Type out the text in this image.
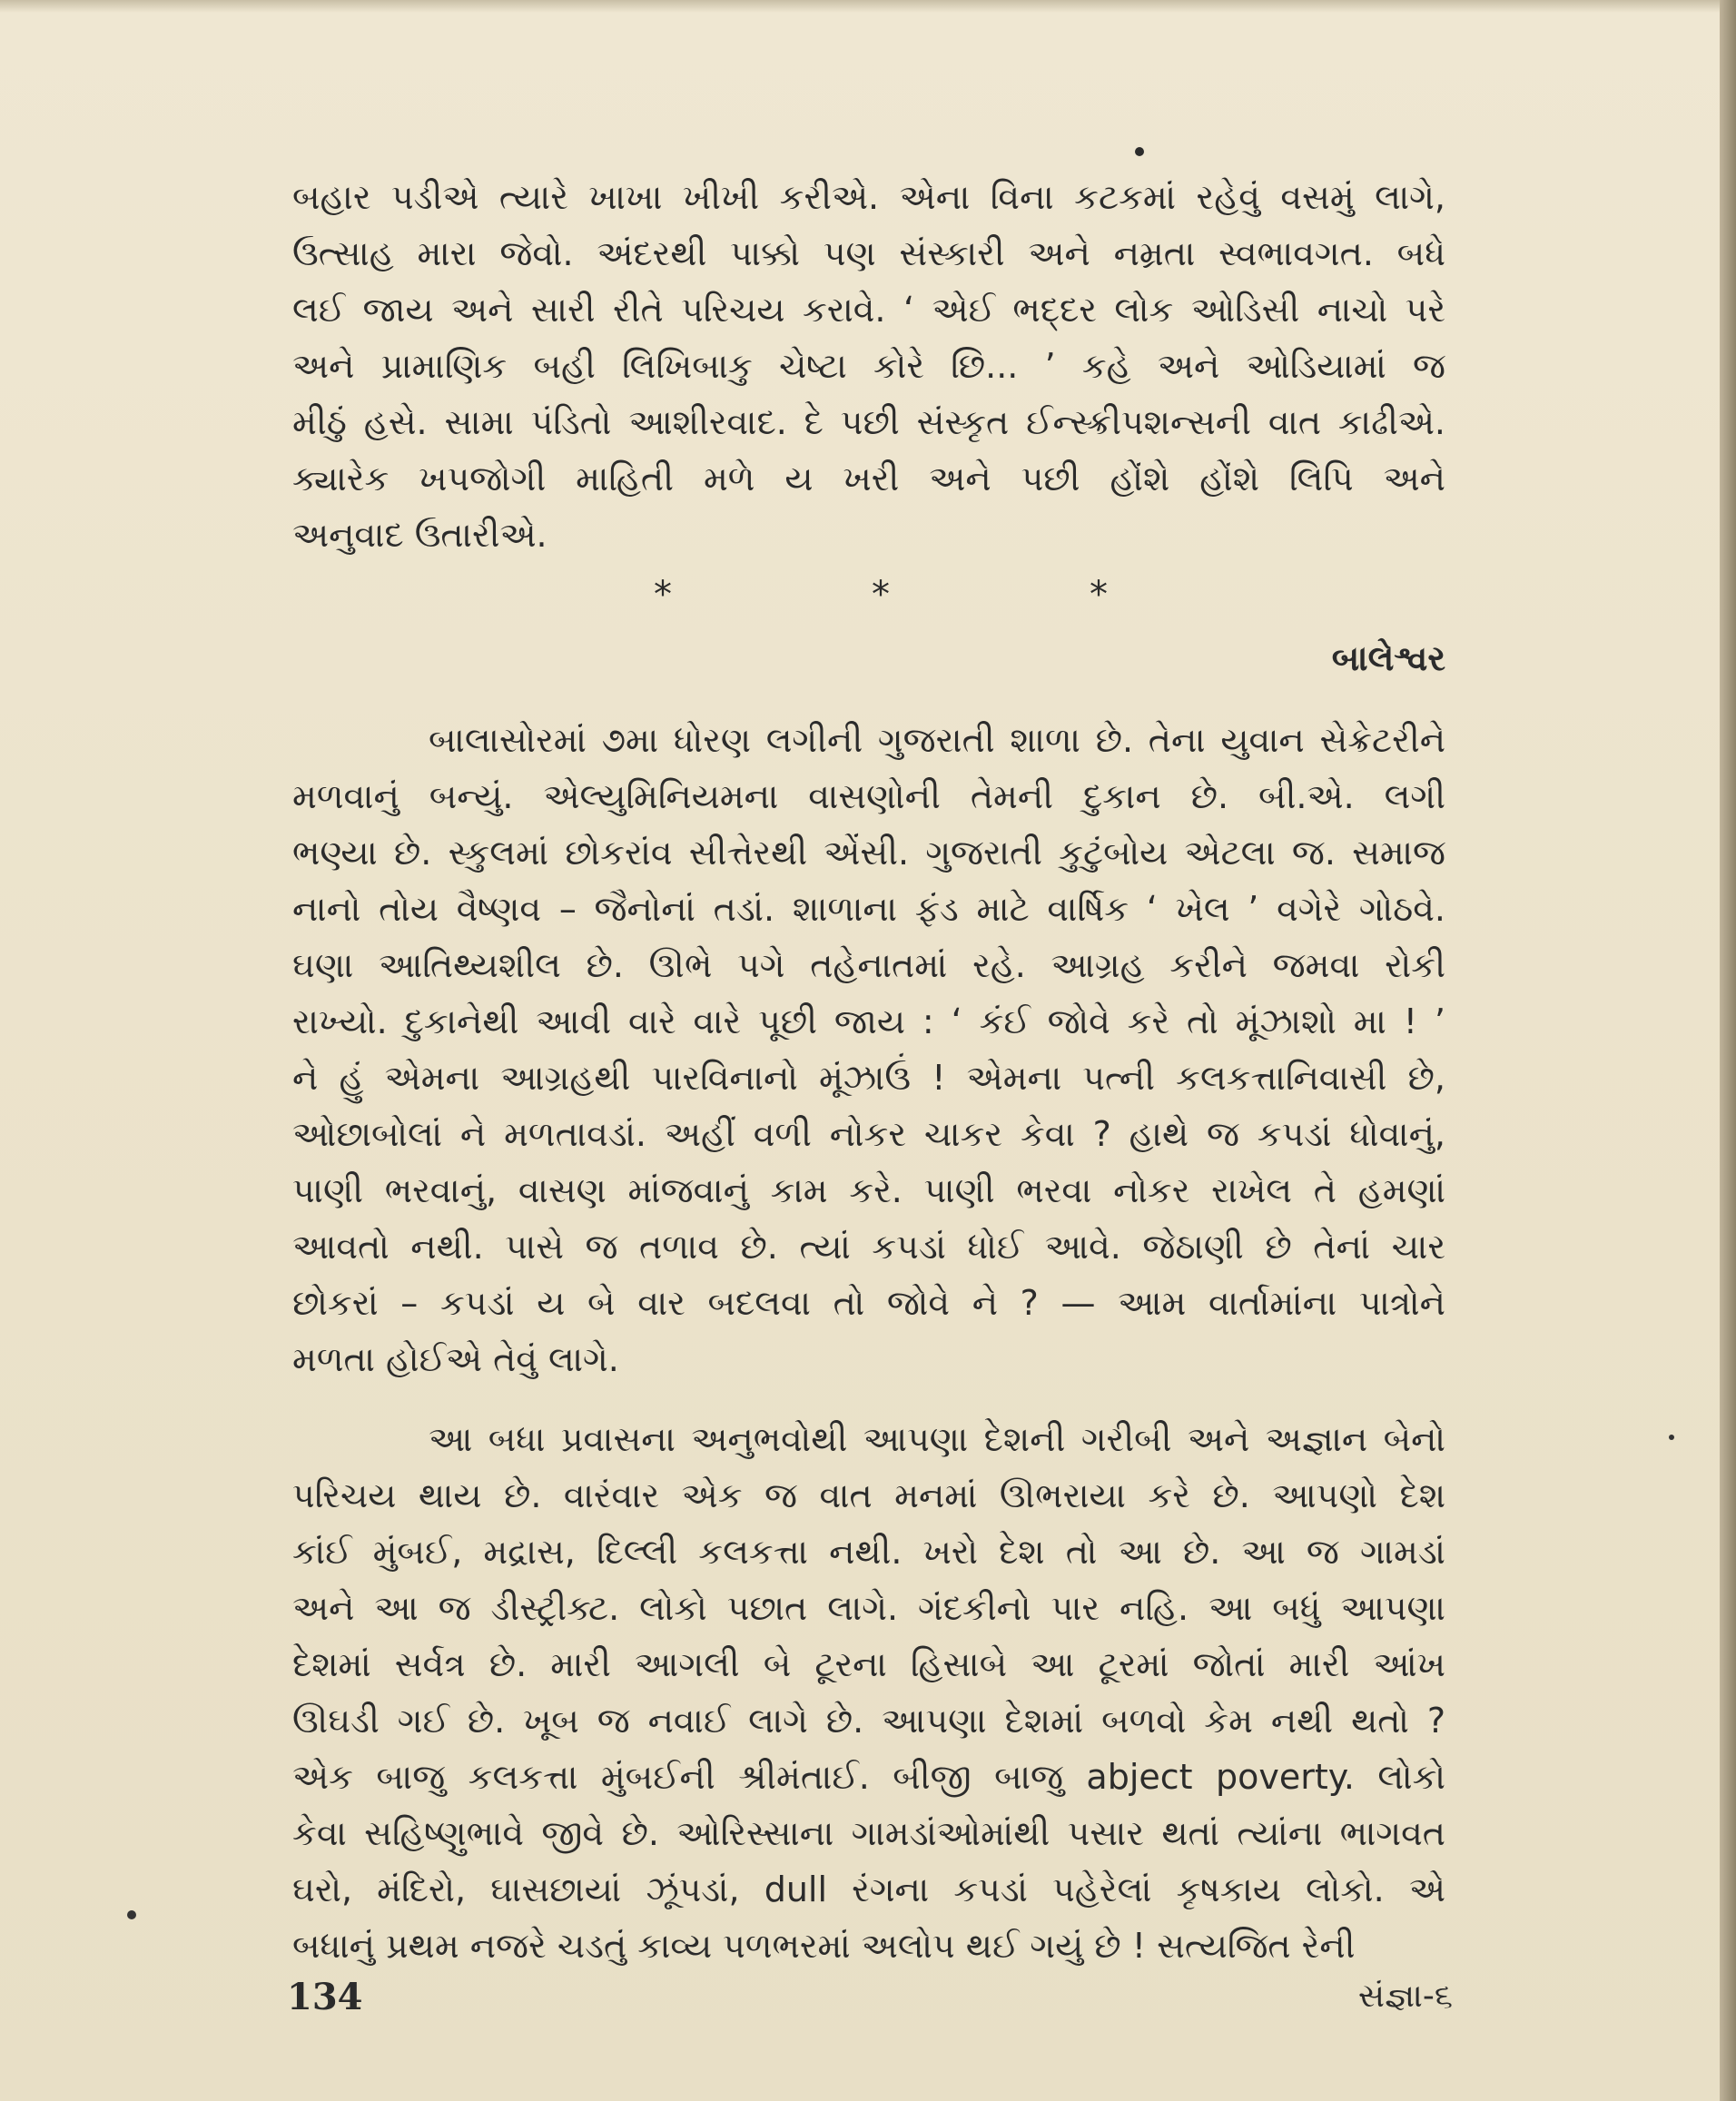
બહાર પડીએ ત્યારે ખાખા ખીખી કરીએ. એના વિના કટકમાં રહેવું વસમું લાગે,
ઉત્સાહ મારા જેવો. અંદરથી પાક્કો પણ સંસ્કારી અને નમ્રતા સ્વભાવગત. બધે
લઈ જાય અને સારી રીતે પરિચય કરાવે. ‘ એઈ ભદ્દર લોક ઓડિસી નાચો પરે
અને પ્રામાણિક બહી લિખિબાકુ ચેષ્ટા કોરે છિ... ’ કહે અને ઓડિયામાં જ
મીઠું હસે. સામા પંડિતો આશીરવાદ. દે પછી સંસ્કૃત ઈન્સ્ક્રીપશન્સની વાત કાઢીએ.
ક્યારેક ખપજોગી માહિતી મળે ય ખરી અને પછી હોંશે હોંશે લિપિ અને
અનુવાદ ઉતારીએ.
*	*	*
બાલેશ્વર
બાલાસોરમાં ૭મા ધોરણ લગીની ગુજરાતી શાળા છે. તેના યુવાન સેક્રેટરીને
મળવાનું બન્યું. એલ્યુમિનિયમના વાસણોની તેમની દુકાન છે. બી.એ. લગી
ભણ્યા છે. સ્કુલમાં છોકરાંવ સીત્તેરથી એંસી. ગુજરાતી કુટુંબોય એટલા જ. સમાજ
નાનો તોય વૈષ્ણવ – જૈનોનાં તડાં. શાળાના ફંડ માટે વાર્ષિક ‘ ખેલ ’ વગેરે ગોઠવે.
ઘણા આતિથ્યશીલ છે. ઊભે પગે તહેનાતમાં રહે. આગ્રહ કરીને જમવા રોકી
રાખ્યો. દુકાનેથી આવી વારે વારે પૂછી જાય : ‘ કંઈ જોવે કરે તો મૂંઝાશો મા ! ’
ને હું એમના આગ્રહથી પારવિનાનો મૂંઝાઉં ! એમના પત્ની કલકત્તાનિવાસી છે,
ઓછાબોલાં ને મળતાવડાં. અહીં વળી નોકર ચાકર કેવા ? હાથે જ કપડાં ધોવાનું,
પાણી ભરવાનું, વાસણ માંજવાનું કામ કરે. પાણી ભરવા નોકર રાખેલ તે હમણાં
આવતો નથી. પાસે જ તળાવ છે. ત્યાં કપડાં ધોઈ આવે. જેઠાણી છે તેનાં ચાર
છોકરાં – કપડાં ય બે વાર બદલવા તો જોવે ને ? — આમ વાર્તામાંના પાત્રોને
મળતા હોઈએ તેવું લાગે.
આ બધા પ્રવાસના અનુભવોથી આપણા દેશની ગરીબી અને અજ્ઞાન બેનો
પરિચય થાય છે. વારંવાર એક જ વાત મનમાં ઊભરાયા કરે છે. આપણો દેશ
કાંઈ મુંબઈ, મદ્રાસ, દિલ્લી કલકત્તા નથી. ખરો દેશ તો આ છે. આ જ ગામડાં
અને આ જ ડીસ્ટ્રીક્ટ. લોકો પછાત લાગે. ગંદકીનો પાર નહિ. આ બધું આપણા
દેશમાં સર્વત્ર છે. મારી આગલી બે ટૂરના હિસાબે આ ટૂરમાં જોતાં મારી આંખ
ઊઘડી ગઈ છે. ખૂબ જ નવાઈ લાગે છે. આપણા દેશમાં બળવો કેમ નથી થતો ?
એક બાજુ કલકત્તા મુંબઈની શ્રીમંતાઈ. બીજી બાજુ abject poverty. લોકો
કેવા સહિષ્ણુભાવે જીવે છે. ઓરિસ્સાના ગામડાંઓમાંથી પસાર થતાં ત્યાંના ભાગવત
ઘરો, મંદિરો, ઘાસછાયાં ઝૂંપડાં, dull રંગના કપડાં પહેરેલાં કૃષકાય લોકો. એ
બધાનું પ્રથમ નજરે ચડતું કાવ્ય પળભરમાં અલોપ થઈ ગયું છે ! સત્યજિત રેની
134	સંજ્ઞા-૬
